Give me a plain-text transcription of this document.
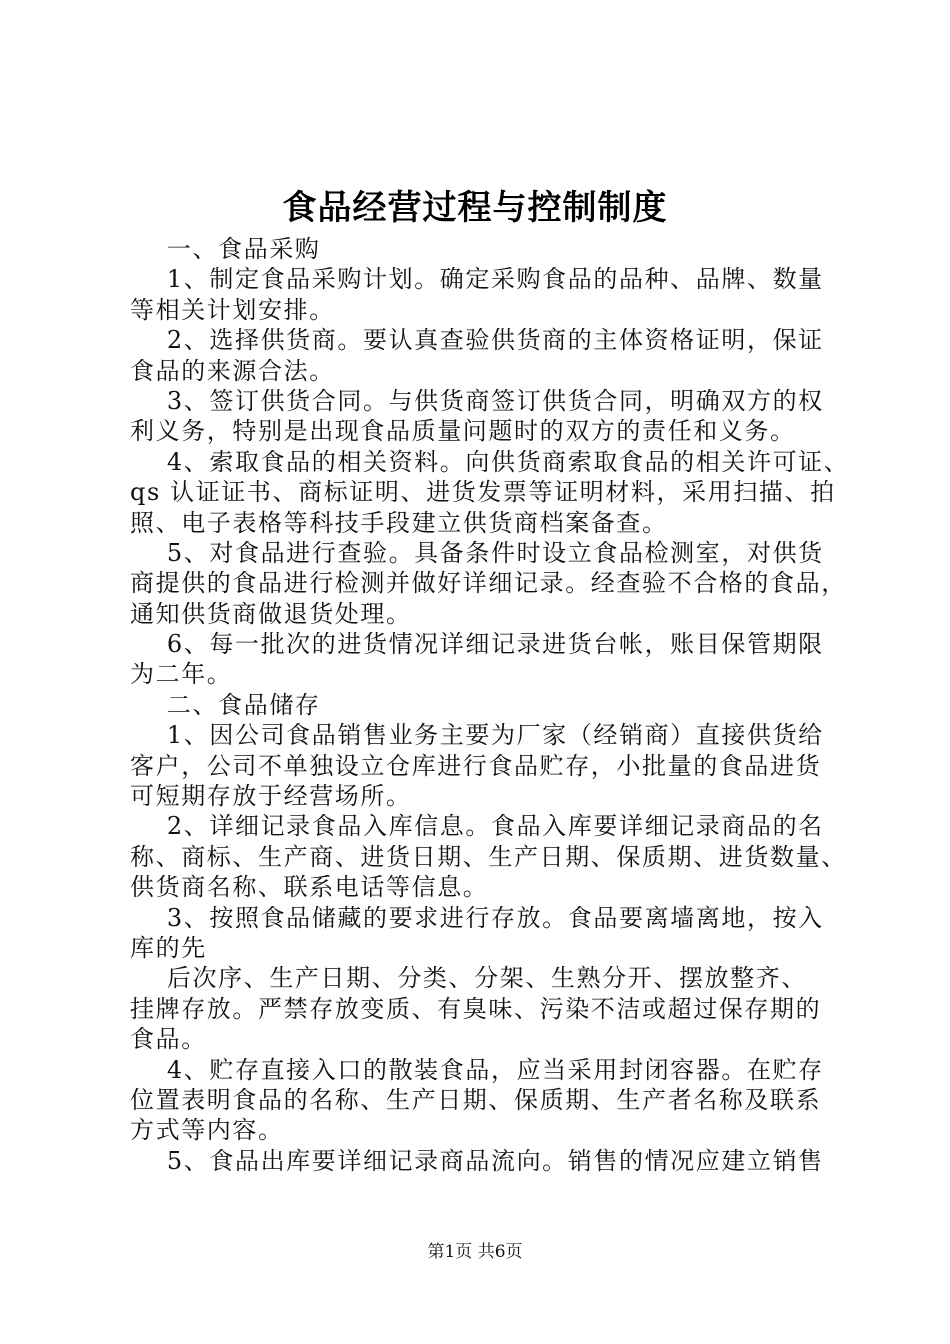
食品经营过程与控制制度
一、食品采购
1、制定食品采购计划。确定采购食品的品种、品牌、数量
等相关计划安排。
2、选择供货商。要认真查验供货商的主体资格证明，保证
食品的来源合法。
3、签订供货合同。与供货商签订供货合同，明确双方的权
利义务，特别是出现食品质量问题时的双方的责任和义务。
4、索取食品的相关资料。向供货商索取食品的相关许可证、
qs 认证证书、商标证明、进货发票等证明材料，采用扫描、拍
照、电子表格等科技手段建立供货商档案备查。
5、对食品进行查验。具备条件时设立食品检测室，对供货
商提供的食品进行检测并做好详细记录。经查验不合格的食品，
通知供货商做退货处理。
6、每一批次的进货情况详细记录进货台帐，账目保管期限
为二年。
二、食品储存
1、因公司食品销售业务主要为厂家（经销商）直接供货给
客户，公司不单独设立仓库进行食品贮存，小批量的食品进货
可短期存放于经营场所。
2、详细记录食品入库信息。食品入库要详细记录商品的名
称、商标、生产商、进货日期、生产日期、保质期、进货数量、
供货商名称、联系电话等信息。
3、按照食品储藏的要求进行存放。食品要离墙离地，按入
库的先
后次序、生产日期、分类、分架、生熟分开、摆放整齐、
挂牌存放。严禁存放变质、有臭味、污染不洁或超过保存期的
食品。
4、贮存直接入口的散装食品，应当采用封闭容器。在贮存
位置表明食品的名称、生产日期、保质期、生产者名称及联系
方式等内容。
5、食品出库要详细记录商品流向。销售的情况应建立销售
第1页 共6页
